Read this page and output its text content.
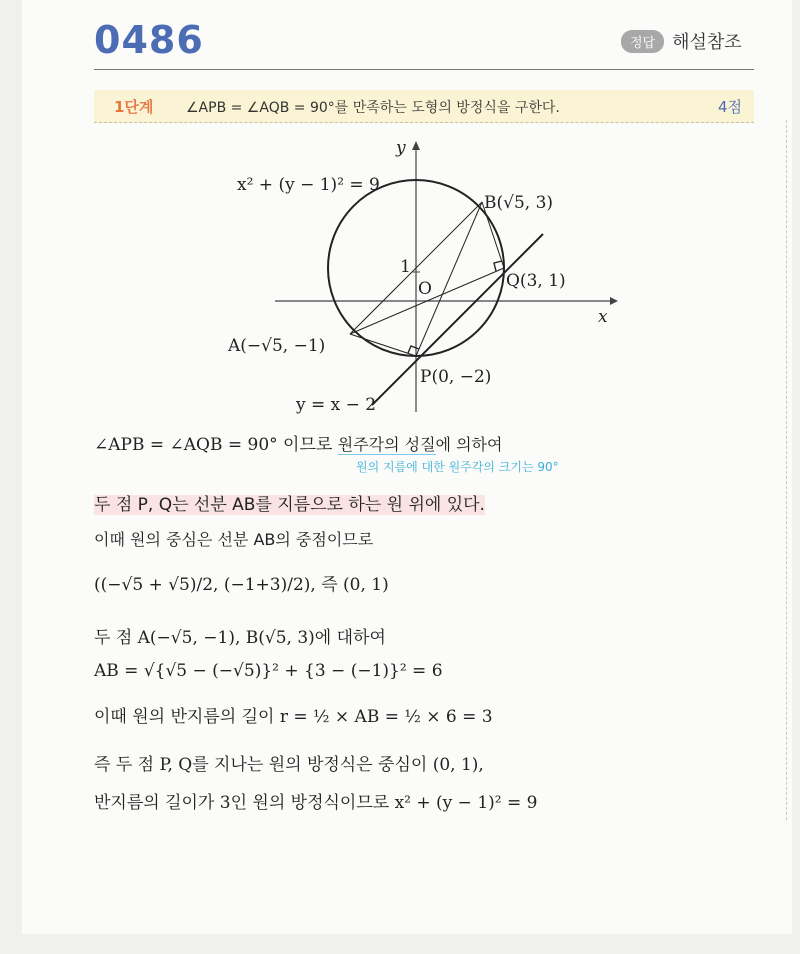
0486	정답 해설참조
1단계 ∠APB = ∠AQB = 90°를 만족하는 도형의 방정식을 구한다.	4점
x² + (y − 1)² = 9
y
x
O
1
B(√5, 3)
Q(3, 1)
A(−√5, −1)
P(0, −2)
y = x − 2
∠APB = ∠AQB = 90° 이므로 원주각의 성질에 의하여
원의 지름에 대한 원주각의 크기는 90°
두 점 P, Q는 선분 AB를 지름으로 하는 원 위에 있다.
이때 원의 중심은 선분 AB의 중점이므로
((−√5 + √5)/2, (−1+3)/2), 즉 (0, 1)
두 점 A(−√5, −1), B(√5, 3)에 대하여
AB = √{√5 − (−√5)}² + {3 − (−1)}² = 6
이때 원의 반지름의 길이 r = ½ × AB = ½ × 6 = 3
즉 두 점 P, Q를 지나는 원의 방정식은 중심이 (0, 1),
반지름의 길이가 3인 원의 방정식이므로 x² + (y − 1)² = 9
